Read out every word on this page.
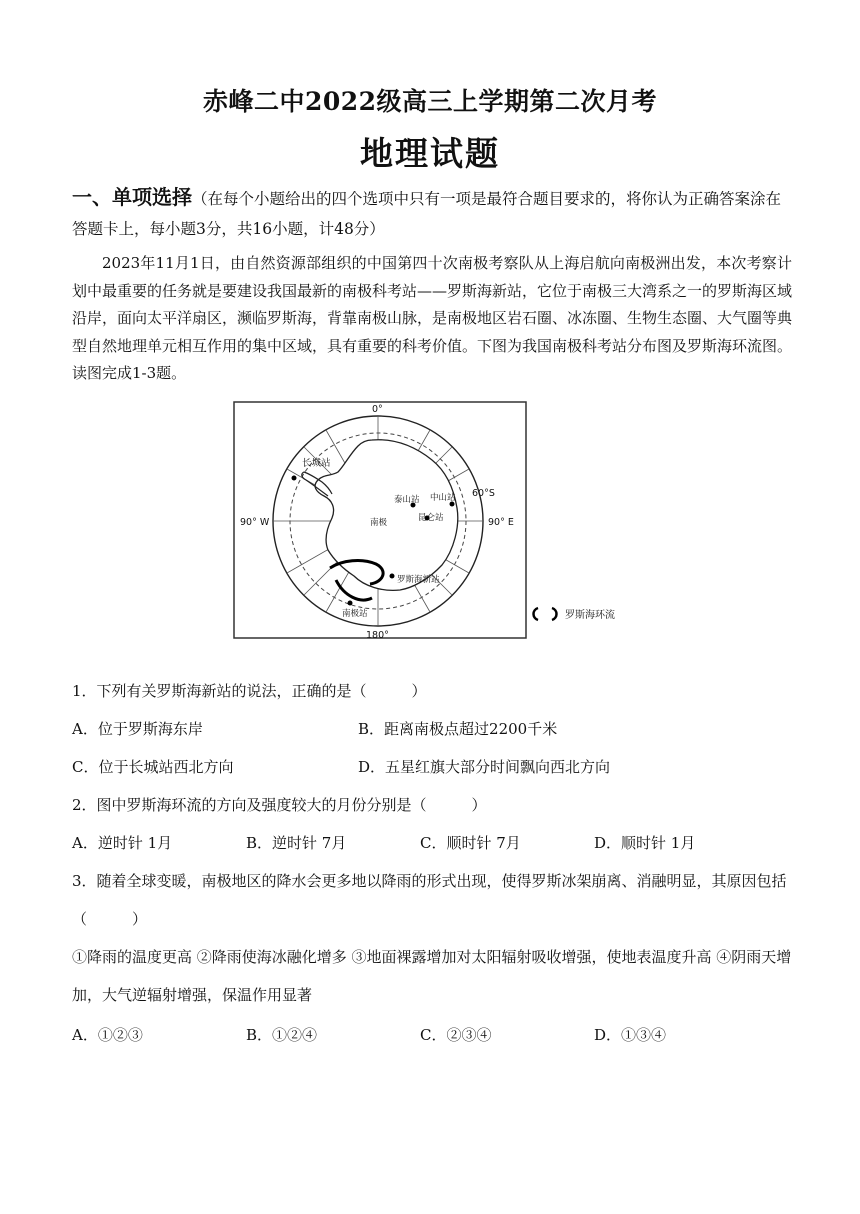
赤峰二中2022级高三上学期第二次月考
地理试题
一、单项选择（在每个小题给出的四个选项中只有一项是最符合题目要求的，将你认为正确答案涂在答题卡上，每小题3分，共16小题，计48分）
2023年11月1日，由自然资源部组织的中国第四十次南极考察队从上海启航向南极洲出发，本次考察计划中最重要的任务就是要建设我国最新的南极科考站——罗斯海新站，它位于南极三大湾系之一的罗斯海区域沿岸，面向太平洋扇区，濒临罗斯海，背靠南极山脉，是南极地区岩石圈、冰冻圈、生物生态圈、大气圈等典型自然地理单元相互作用的集中区域，具有重要的科考价值。下图为我国南极科考站分布图及罗斯海环流图。读图完成1-3题。
0°
180°
90° W	90° E
60°S
南极
长城站
泰山站 中山站
昆仑站
罗斯海新站
南极站	罗斯海环流
1．下列有关罗斯海新站的说法，正确的是（　　　）
A．位于罗斯海东岸	B．距离南极点超过2200千米
C．位于长城站西北方向	D．五星红旗大部分时间飘向西北方向
2．图中罗斯海环流的方向及强度较大的月份分别是（　　　）
A．逆时针 1月	B．逆时针 7月	C．顺时针 7月	D．顺时针 1月
3．随着全球变暖，南极地区的降水会更多地以降雨的形式出现，使得罗斯冰架崩离、消融明显，其原因包括（　　　）
①降雨的温度更高 ②降雨使海冰融化增多 ③地面裸露增加对太阳辐射吸收增强，使地表温度升高 ④阴雨天增加，大气逆辐射增强，保温作用显著
A．①②③	B．①②④	C．②③④	D．①③④
